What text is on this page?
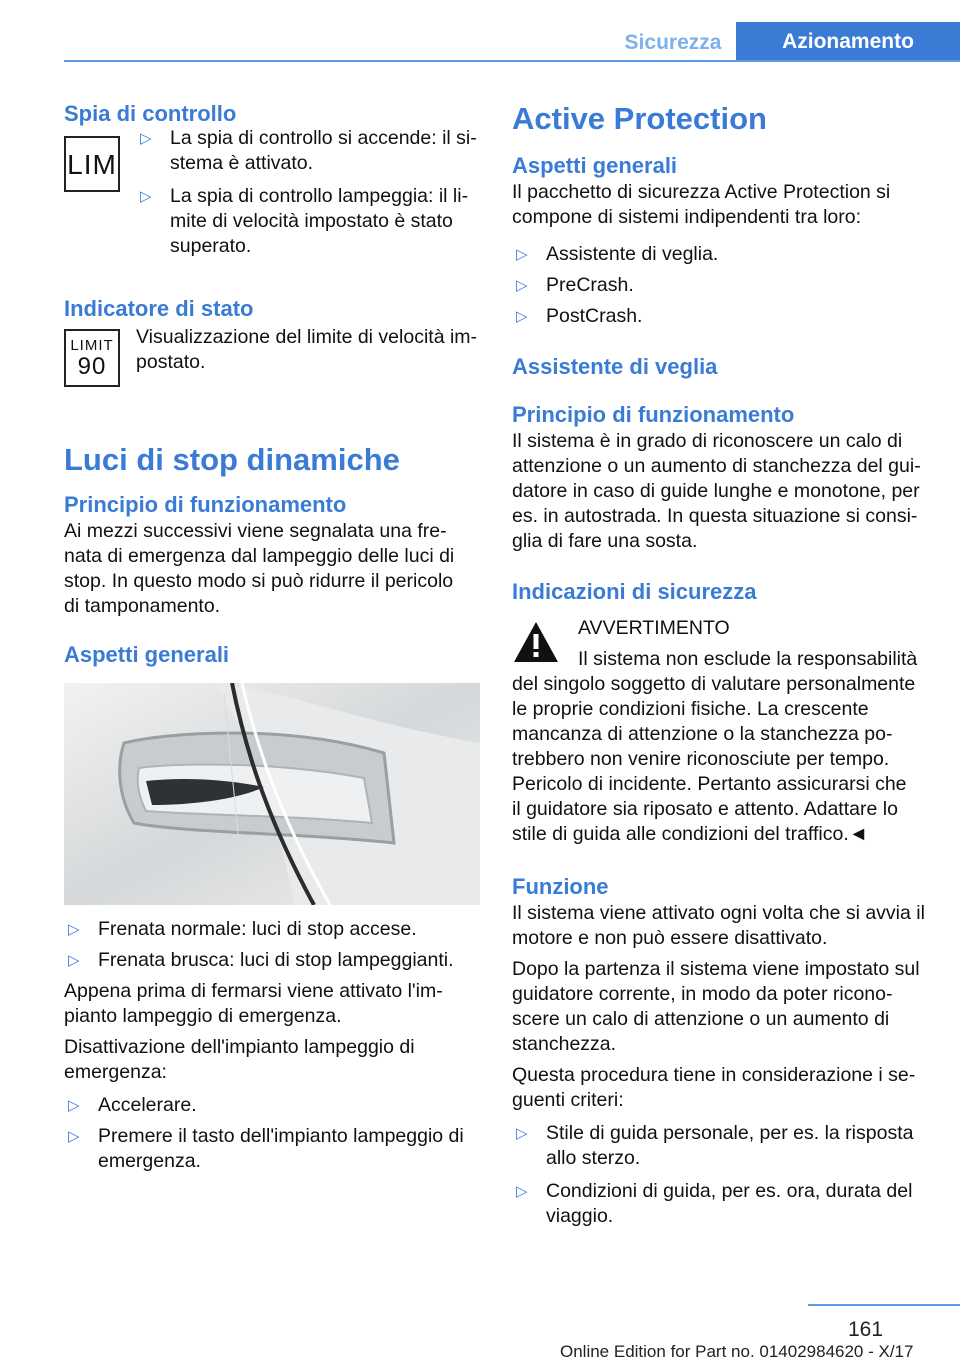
Sicurezza	Azionamento
Spia di controllo
LIM
▷ La spia di controllo si accende: il si-
stema è attivato.
▷ La spia di controllo lampeggia: il li-
mite di velocità impostato è stato
superato.
Indicatore di stato
LIMIT
90

Visualizzazione del limite di velocità im-
postato.

Luci di stop dinamiche
Principio di funzionamento

Ai mezzi successivi viene segnalata una fre-
nata di emergenza dal lampeggio delle luci di
stop. In questo modo si può ridurre il pericolo
di tamponamento.

Aspetti generali
▷ Frenata normale: luci di stop accese.
▷ Frenata brusca: luci di stop lampeggianti.

Appena prima di fermarsi viene attivato l'im-
pianto lampeggio di emergenza.

Disattivazione dell'impianto lampeggio di
emergenza:

▷ Accelerare.
▷ Premere il tasto dell'impianto lampeggio di
emergenza.
Active Protection
Aspetti generali

Il pacchetto di sicurezza Active Protection si
compone di sistemi indipendenti tra loro:

▷ Assistente di veglia.
▷ PreCrash.
▷ PostCrash.
Assistente di veglia
Principio di funzionamento

Il sistema è in grado di riconoscere un calo di
attenzione o un aumento di stanchezza del gui-
datore in caso di guide lunghe e monotone, per
es. in autostrada. In questa situazione si consi-
glia di fare una sosta.

Indicazioni di sicurezza

AVVERTIMENTO

Il sistema non esclude la responsabilità

del singolo soggetto di valutare personalmente
le proprie condizioni fisiche. La crescente
mancanza di attenzione o la stanchezza po-
trebbero non venire riconosciute per tempo.
Pericolo di incidente. Pertanto assicurarsi che
il guidatore sia riposato e attento. Adattare lo
stile di guida alle condizioni del traffico.◄

Funzione

Il sistema viene attivato ogni volta che si avvia il
motore e non può essere disattivato.

Dopo la partenza il sistema viene impostato sul
guidatore corrente, in modo da poter ricono-
scere un calo di attenzione o un aumento di
stanchezza.

Questa procedura tiene in considerazione i se-
guenti criteri:

▷ Stile di guida personale, per es. la risposta
allo sterzo.
▷ Condizioni di guida, per es. ora, durata del
viaggio.
161
Online Edition for Part no. 01402984620 - X/17
